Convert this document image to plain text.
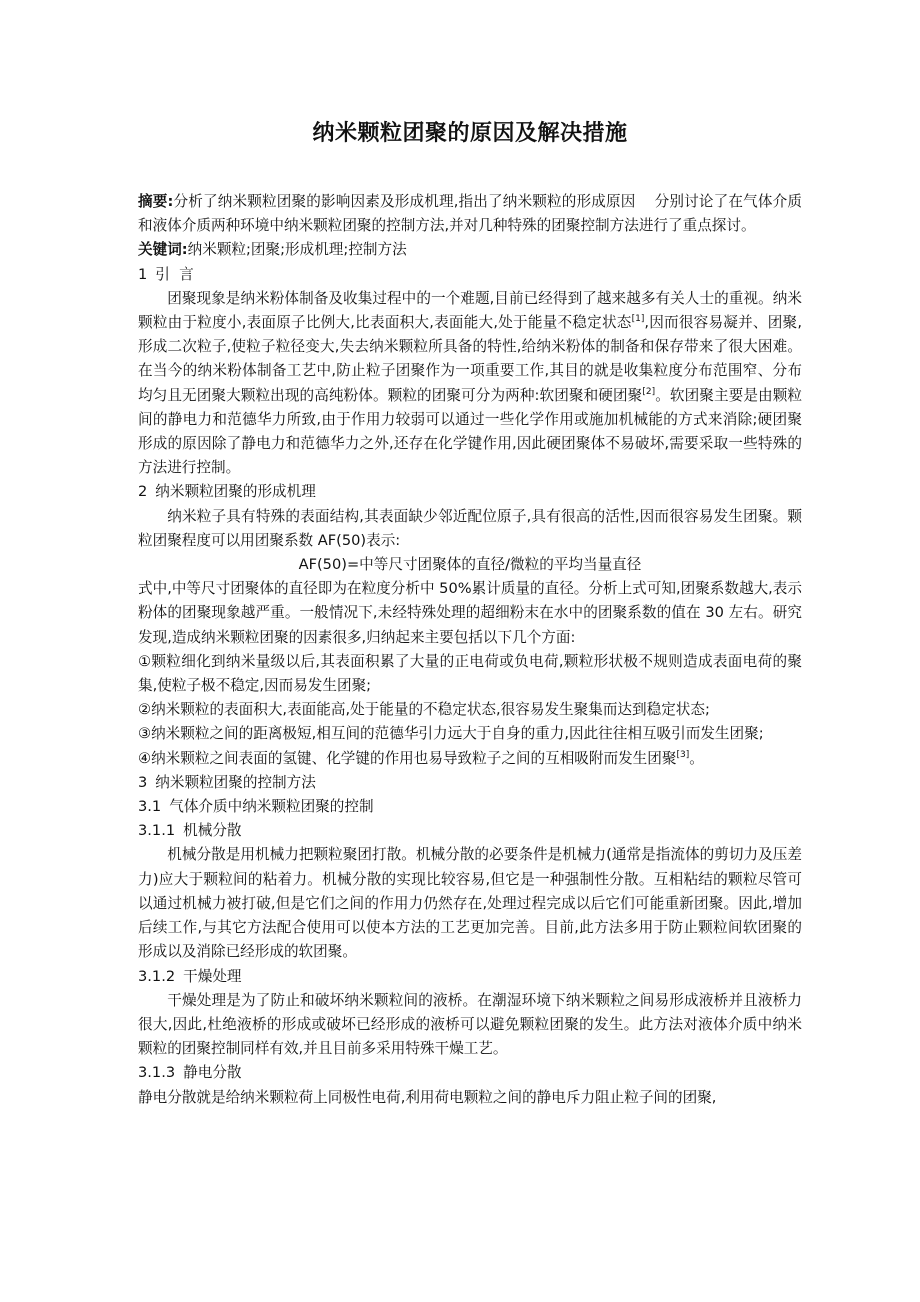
纳米颗粒团聚的原因及解决措施

摘要:分析了纳米颗粒团聚的影响因素及形成机理,指出了纳米颗粒的形成原因    分别讨论了在气体介质和液体介质两种环境中纳米颗粒团聚的控制方法,并对几种特殊的团聚控制方法进行了重点探讨。

关键词:纳米颗粒;团聚;形成机理;控制方法

1 引  言

团聚现象是纳米粉体制备及收集过程中的一个难题,目前已经得到了越来越多有关人士的重视。纳米颗粒由于粒度小,表面原子比例大,比表面积大,表面能大,处于能量不稳定状态[1],因而很容易凝并、团聚,形成二次粒子,使粒子粒径变大,失去纳米颗粒所具备的特性,给纳米粉体的制备和保存带来了很大困难。在当今的纳米粉体制备工艺中,防止粒子团聚作为一项重要工作,其目的就是收集粒度分布范围窄、分布均匀且无团聚大颗粒出现的高纯粉体。颗粒的团聚可分为两种:软团聚和硬团聚[2]。软团聚主要是由颗粒间的静电力和范德华力所致,由于作用力较弱可以通过一些化学作用或施加机械能的方式来消除;硬团聚形成的原因除了静电力和范德华力之外,还存在化学键作用,因此硬团聚体不易破坏,需要采取一些特殊的方法进行控制。

2 纳米颗粒团聚的形成机理

纳米粒子具有特殊的表面结构,其表面缺少邻近配位原子,具有很高的活性,因而很容易发生团聚。颗粒团聚程度可以用团聚系数 AF(50)表示:

AF(50)=中等尺寸团聚体的直径/微粒的平均当量直径

式中,中等尺寸团聚体的直径即为在粒度分析中 50%累计质量的直径。分析上式可知,团聚系数越大,表示粉体的团聚现象越严重。一般情况下,未经特殊处理的超细粉末在水中的团聚系数的值在 30 左右。研究发现,造成纳米颗粒团聚的因素很多,归纳起来主要包括以下几个方面:

①颗粒细化到纳米量级以后,其表面积累了大量的正电荷或负电荷,颗粒形状极不规则造成表面电荷的聚集,使粒子极不稳定,因而易发生团聚;

②纳米颗粒的表面积大,表面能高,处于能量的不稳定状态,很容易发生聚集而达到稳定状态;

③纳米颗粒之间的距离极短,相互间的范德华引力远大于自身的重力,因此往往相互吸引而发生团聚;

④纳米颗粒之间表面的氢键、化学键的作用也易导致粒子之间的互相吸附而发生团聚[3]。

3 纳米颗粒团聚的控制方法

3.1 气体介质中纳米颗粒团聚的控制

3.1.1 机械分散

机械分散是用机械力把颗粒聚团打散。机械分散的必要条件是机械力(通常是指流体的剪切力及压差力)应大于颗粒间的粘着力。机械分散的实现比较容易,但它是一种强制性分散。互相粘结的颗粒尽管可以通过机械力被打破,但是它们之间的作用力仍然存在,处理过程完成以后它们可能重新团聚。因此,增加后续工作,与其它方法配合使用可以使本方法的工艺更加完善。目前,此方法多用于防止颗粒间软团聚的形成以及消除已经形成的软团聚。

3.1.2 干燥处理

干燥处理是为了防止和破坏纳米颗粒间的液桥。在潮湿环境下纳米颗粒之间易形成液桥并且液桥力很大,因此,杜绝液桥的形成或破坏已经形成的液桥可以避免颗粒团聚的发生。此方法对液体介质中纳米颗粒的团聚控制同样有效,并且目前多采用特殊干燥工艺。

3.1.3 静电分散

静电分散就是给纳米颗粒荷上同极性电荷,利用荷电颗粒之间的静电斥力阻止粒子间的团聚,
